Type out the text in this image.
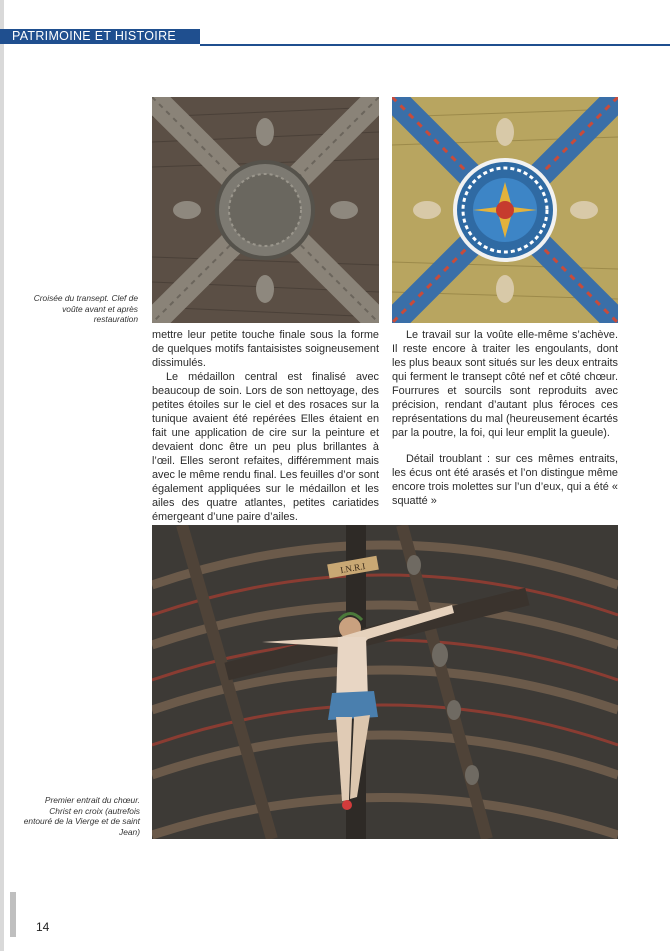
PATRIMOINE ET HISTOIRE
Croisée du transept. Clef de voûte avant et après restauration

mettre leur petite touche finale sous la forme de quelques motifs fantaisistes soigneusement dissimulés.

Le médaillon central est finalisé avec beaucoup de soin. Lors de son nettoyage, des petites étoiles sur le ciel et des rosaces sur la tunique avaient été repérées Elles étaient en fait une application de cire sur la peinture et devaient donc être un peu plus brillantes à l’œil. Elles seront refaites, différemment mais avec le même rendu final. Les feuilles d’or sont également appliquées sur le médaillon et les ailes des quatre atlantes, petites cariatides émergeant d’une paire d’ailes.

Le travail sur la voûte elle-même s’achève. Il reste encore à traiter les engoulants, dont les plus beaux sont situés sur les deux entraits qui ferment le transept côté nef et côté chœur. Fourrures et sourcils sont reproduits avec précision, rendant d’autant plus féroces ces représentations du mal (heureusement écartés par la poutre, la foi, qui leur emplit la gueule).

Détail troublant : sur ces mêmes entraits, les écus ont été arasés et l’on distingue même encore trois molettes sur l’un d’eux, qui a été « squatté »

I.N.R.I
Premier entrait du chœur. Christ en croix (autrefois entouré de la Vierge et de saint Jean)
14
